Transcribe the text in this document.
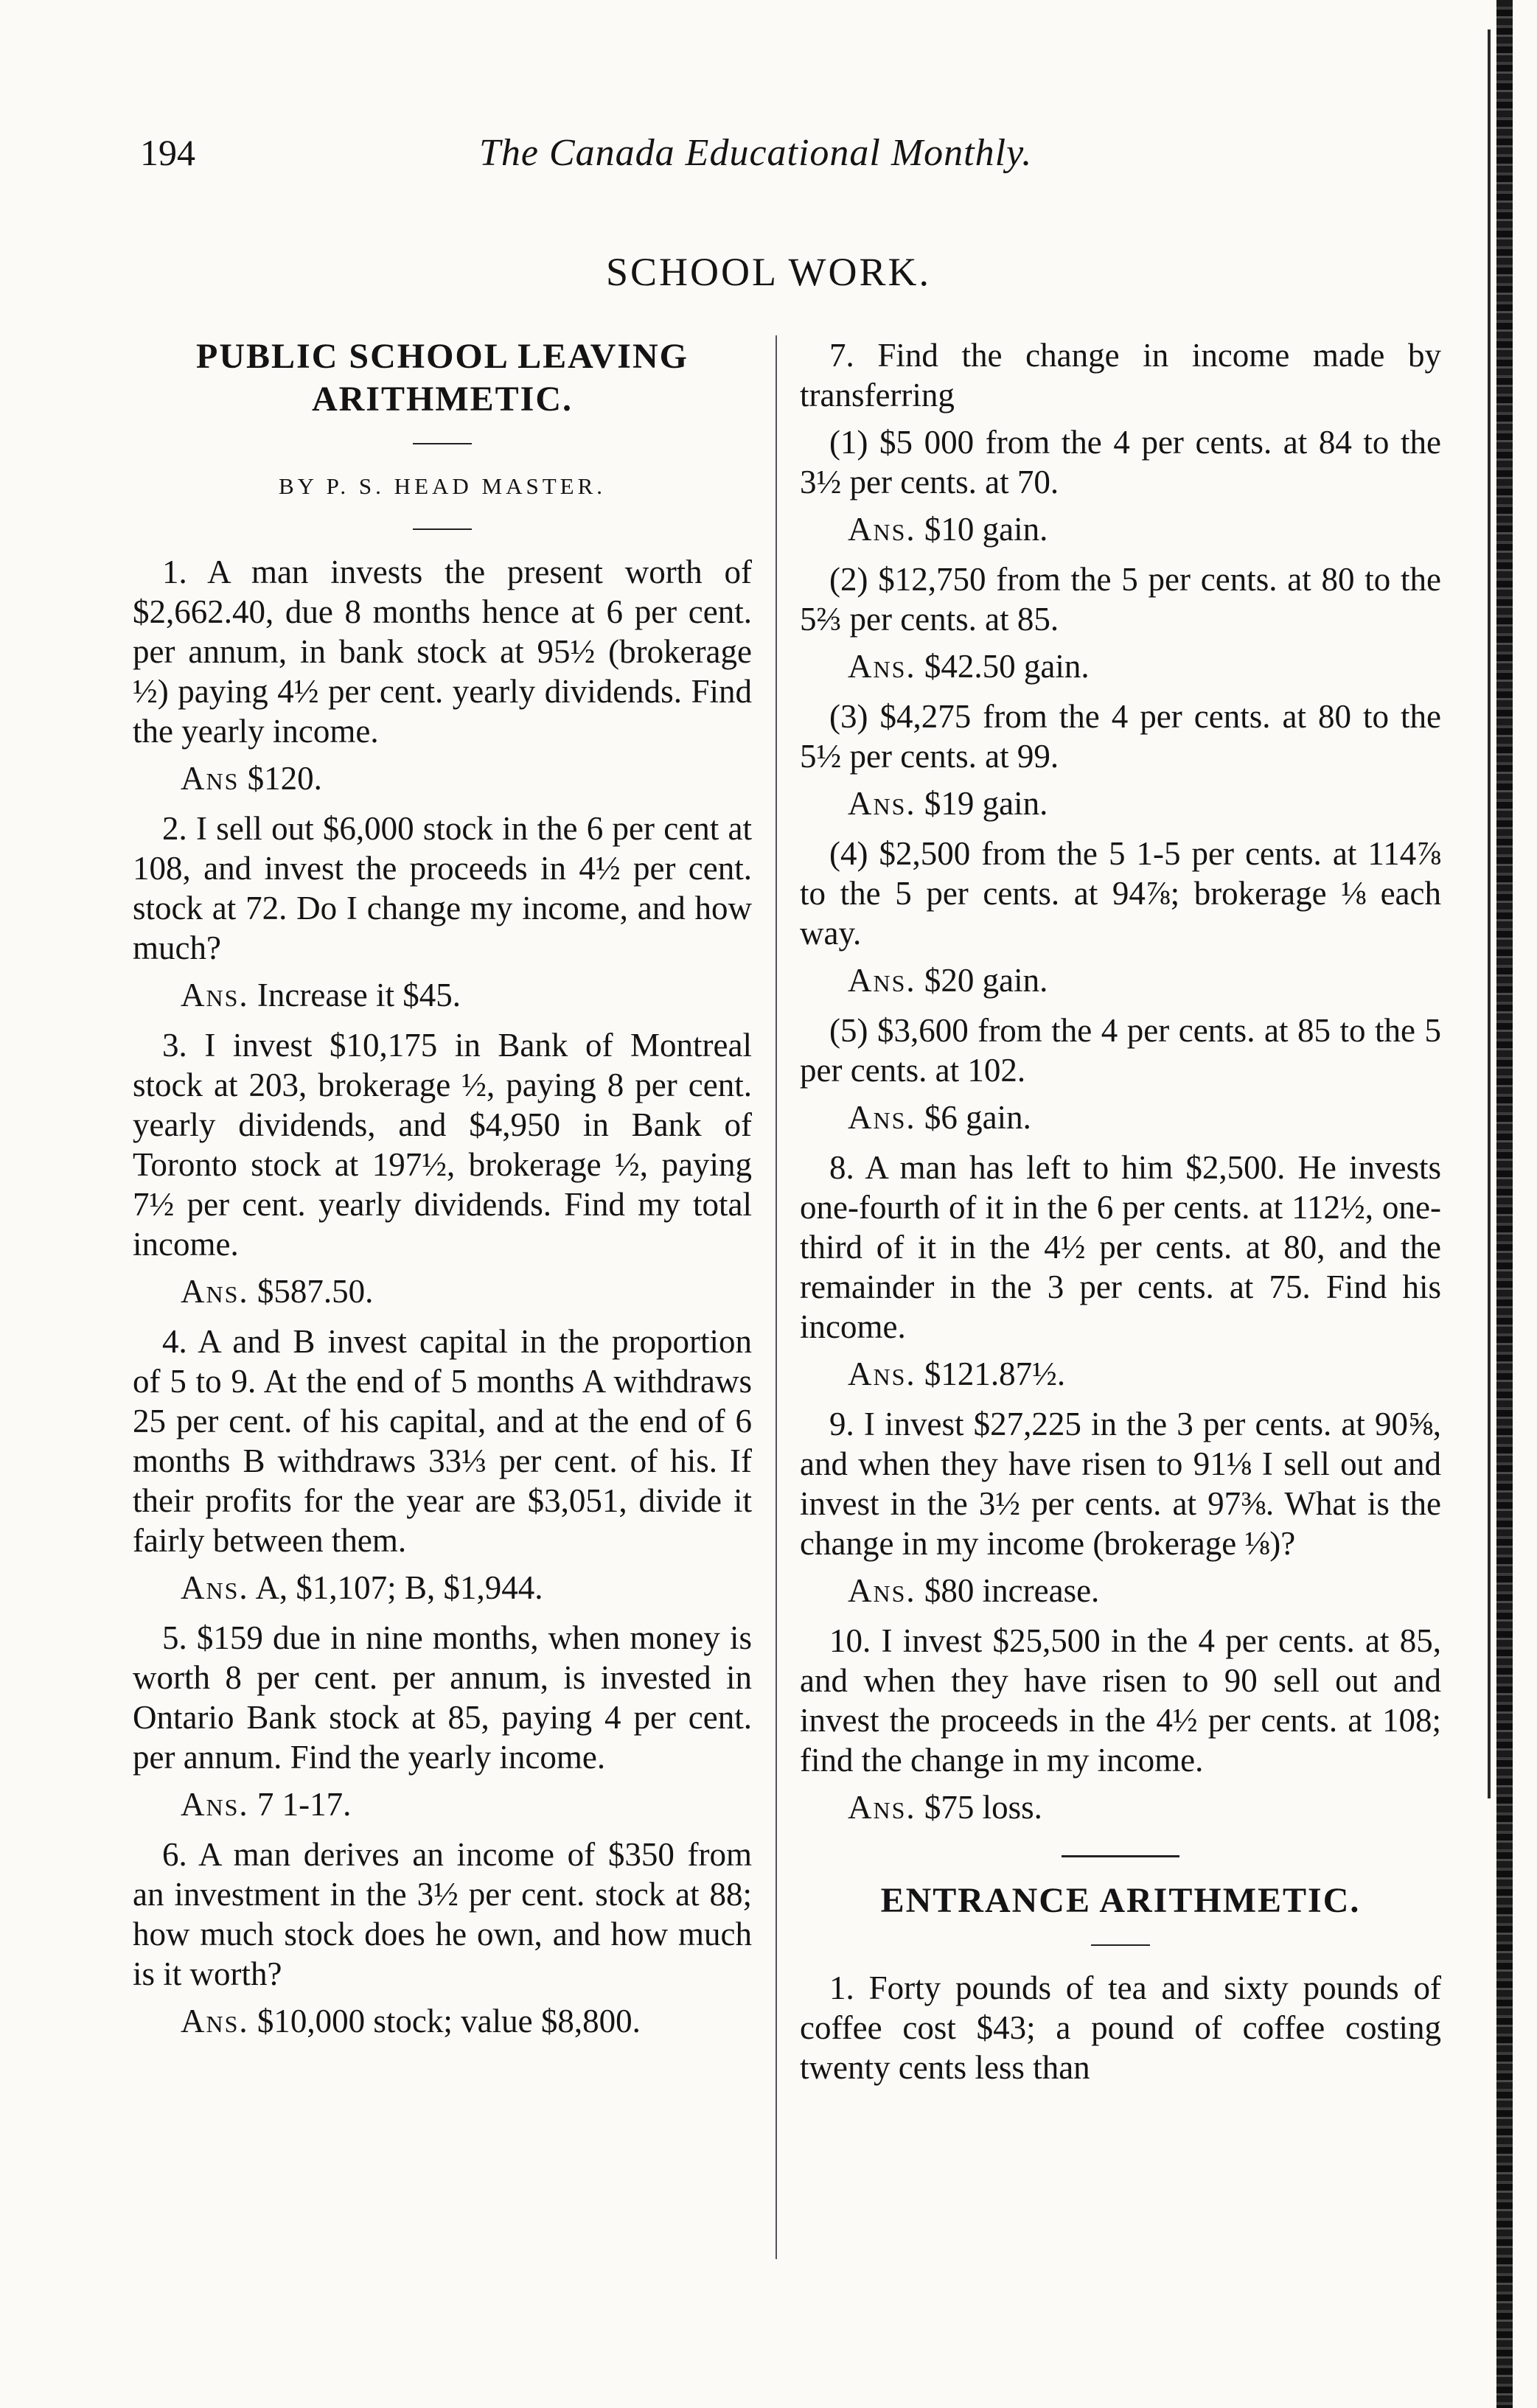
194	The Canada Educational Monthly.
SCHOOL WORK.
PUBLIC SCHOOL LEAVING
ARITHMETIC.

BY P. S. HEAD MASTER.

1. A man invests the present worth of $2,662.40, due 8 months hence at 6 per cent. per annum, in bank stock at 95½ (brokerage ½) paying 4½ per cent. yearly dividends. Find the yearly income.

Ans $120.

2. I sell out $6,000 stock in the 6 per cent at 108, and invest the proceeds in 4½ per cent. stock at 72. Do I change my income, and how much?

Ans. Increase it $45.

3. I invest $10,175 in Bank of Montreal stock at 203, brokerage ½, paying 8 per cent. yearly dividends, and $4,950 in Bank of Toronto stock at 197½, brokerage ½, paying 7½ per cent. yearly dividends. Find my total income.

Ans. $587.50.

4. A and B invest capital in the proportion of 5 to 9. At the end of 5 months A withdraws 25 per cent. of his capital, and at the end of 6 months B withdraws 33⅓ per cent. of his. If their profits for the year are $3,051, divide it fairly between them.

Ans. A, $1,107; B, $1,944.

5. $159 due in nine months, when money is worth 8 per cent. per annum, is invested in Ontario Bank stock at 85, paying 4 per cent. per annum. Find the yearly income.

Ans. 7 1-17.

6. A man derives an income of $350 from an investment in the 3½ per cent. stock at 88; how much stock does he own, and how much is it worth?

Ans. $10,000 stock; value $8,800.

7. Find the change in income made by transferring

(1) $5 000 from the 4 per cents. at 84 to the 3½ per cents. at 70.

Ans. $10 gain.

(2) $12,750 from the 5 per cents. at 80 to the 5⅔ per cents. at 85.

Ans. $42.50 gain.

(3) $4,275 from the 4 per cents. at 80 to the 5½ per cents. at 99.

Ans. $19 gain.

(4) $2,500 from the 5 1-5 per cents. at 114⅞ to the 5 per cents. at 94⅞; brokerage ⅛ each way.

Ans. $20 gain.

(5) $3,600 from the 4 per cents. at 85 to the 5 per cents. at 102.

Ans. $6 gain.

8. A man has left to him $2,500. He invests one-fourth of it in the 6 per cents. at 112½, one-third of it in the 4½ per cents. at 80, and the remainder in the 3 per cents. at 75. Find his income.

Ans. $121.87½.

9. I invest $27,225 in the 3 per cents. at 90⅝, and when they have risen to 91⅛ I sell out and invest in the 3½ per cents. at 97⅜. What is the change in my income (brokerage ⅛)?

Ans. $80 increase.

10. I invest $25,500 in the 4 per cents. at 85, and when they have risen to 90 sell out and invest the proceeds in the 4½ per cents. at 108; find the change in my income.

Ans. $75 loss.

ENTRANCE ARITHMETIC.

1. Forty pounds of tea and sixty pounds of coffee cost $43; a pound of coffee costing twenty cents less than
